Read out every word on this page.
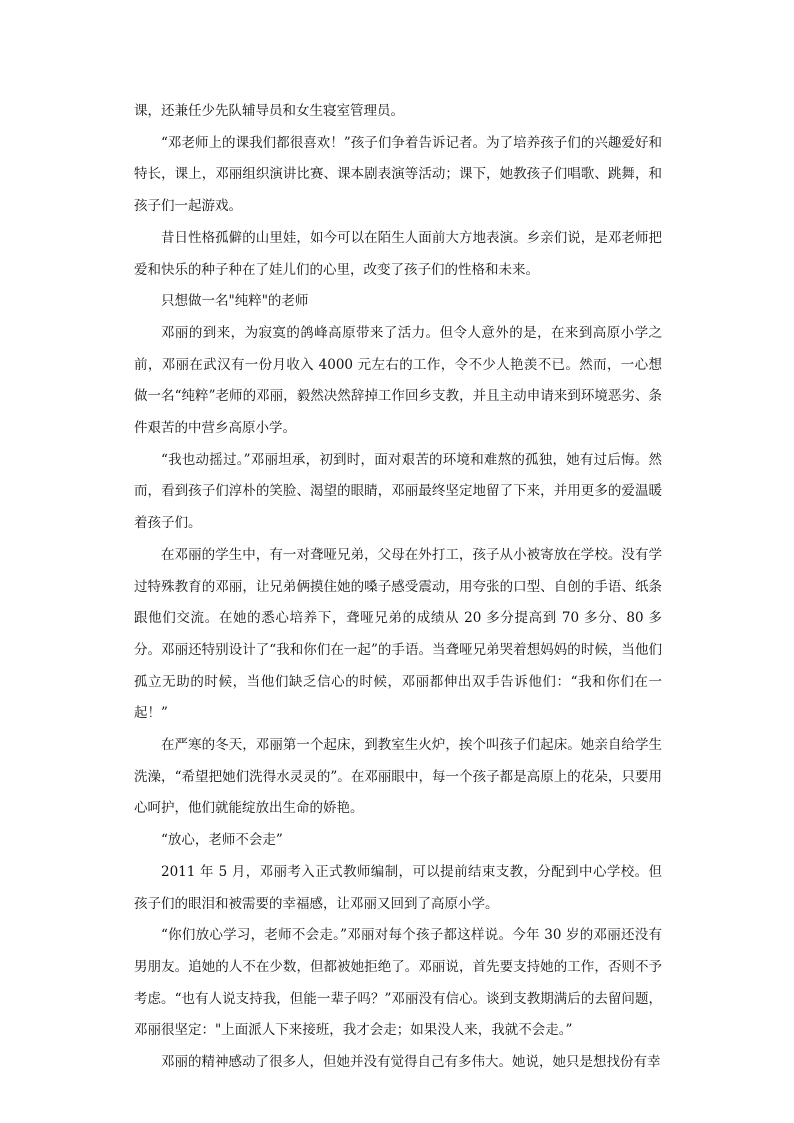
课，还兼任少先队辅导员和女生寝室管理员。

“邓老师上的课我们都很喜欢！”孩子们争着告诉记者。为了培养孩子们的兴趣爱好和特长，课上，邓丽组织演讲比赛、课本剧表演等活动；课下，她教孩子们唱歌、跳舞，和孩子们一起游戏。

昔日性格孤僻的山里娃，如今可以在陌生人面前大方地表演。乡亲们说，是邓老师把爱和快乐的种子种在了娃儿们的心里，改变了孩子们的性格和未来。

只想做一名"纯粹"的老师

邓丽的到来，为寂寞的鸽峰高原带来了活力。但令人意外的是，在来到高原小学之前，邓丽在武汉有一份月收入 4000 元左右的工作，令不少人艳羡不已。然而，一心想做一名“纯粹”老师的邓丽，毅然决然辞掉工作回乡支教，并且主动申请来到环境恶劣、条件艰苦的中营乡高原小学。

“我也动摇过。”邓丽坦承，初到时，面对艰苦的环境和难熬的孤独，她有过后悔。然而，看到孩子们淳朴的笑脸、渴望的眼睛，邓丽最终坚定地留了下来，并用更多的爱温暖着孩子们。

在邓丽的学生中，有一对聋哑兄弟，父母在外打工，孩子从小被寄放在学校。没有学过特殊教育的邓丽，让兄弟俩摸住她的嗓子感受震动，用夸张的口型、自创的手语、纸条跟他们交流。在她的悉心培养下，聋哑兄弟的成绩从 20 多分提高到 70 多分、80 多分。邓丽还特别设计了“我和你们在一起”的手语。当聋哑兄弟哭着想妈妈的时候，当他们孤立无助的时候，当他们缺乏信心的时候，邓丽都伸出双手告诉他们：“我和你们在一起！”

在严寒的冬天，邓丽第一个起床，到教室生火炉，挨个叫孩子们起床。她亲自给学生洗澡，“希望把她们洗得水灵灵的”。在邓丽眼中，每一个孩子都是高原上的花朵，只要用心呵护，他们就能绽放出生命的娇艳。

“放心，老师不会走”

2011 年 5 月，邓丽考入正式教师编制，可以提前结束支教，分配到中心学校。但孩子们的眼泪和被需要的幸福感，让邓丽又回到了高原小学。

“你们放心学习，老师不会走。”邓丽对每个孩子都这样说。今年 30 岁的邓丽还没有男朋友。追她的人不在少数，但都被她拒绝了。邓丽说，首先要支持她的工作，否则不予考虑。“也有人说支持我，但能一辈子吗？”邓丽没有信心。谈到支教期满后的去留问题，邓丽很坚定："上面派人下来接班，我才会走；如果没人来，我就不会走。”

邓丽的精神感动了很多人，但她并没有觉得自己有多伟大。她说，她只是想找份有幸
